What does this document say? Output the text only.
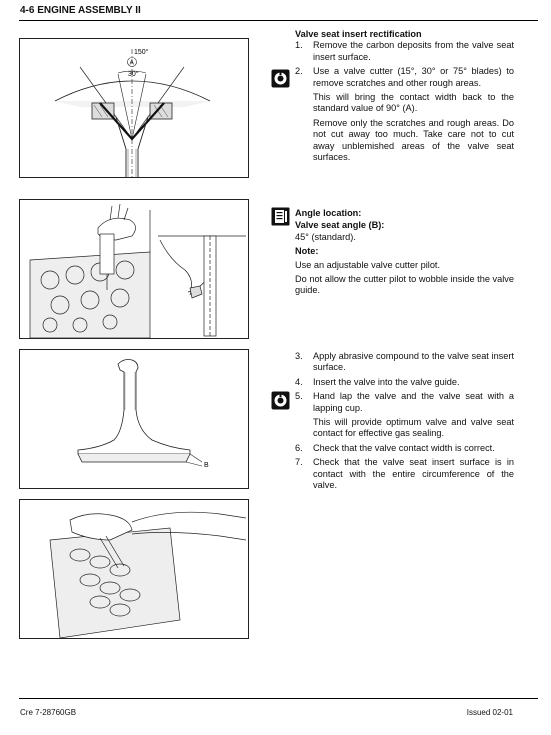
4-6 ENGINE ASSEMBLY II
150°
A
30°
Valve seat insert rectification
1.	Remove the carbon deposits from the valve seat insert surface.
2.	Use a valve cutter (15°, 30° or 75° blades) to remove scratches and other rough areas.

This will bring the contact width back to the standard value of 90° (A).

Remove only the scratches and rough areas. Do not cut away too much. Take care not to cut away unblemished areas of the valve seat surfaces.

Angle location:
Valve seat angle (B):
45° (standard).
Note:
Use an adjustable valve cutter pilot.
Do not allow the cutter pilot to wobble inside the valve guide.
B
3.	Apply abrasive compound to the valve seat insert surface.
4.	Insert the valve into the valve guide.
5.	Hand lap the valve and the valve seat with a lapping cup.

This will provide optimum valve and valve seat contact for effective gas sealing.

6.	Check that the valve contact width is correct.
7.	Check that the valve seat insert surface is in contact with the entire circumference of the valve.
Cre 7-28760GB	Issued 02-01
